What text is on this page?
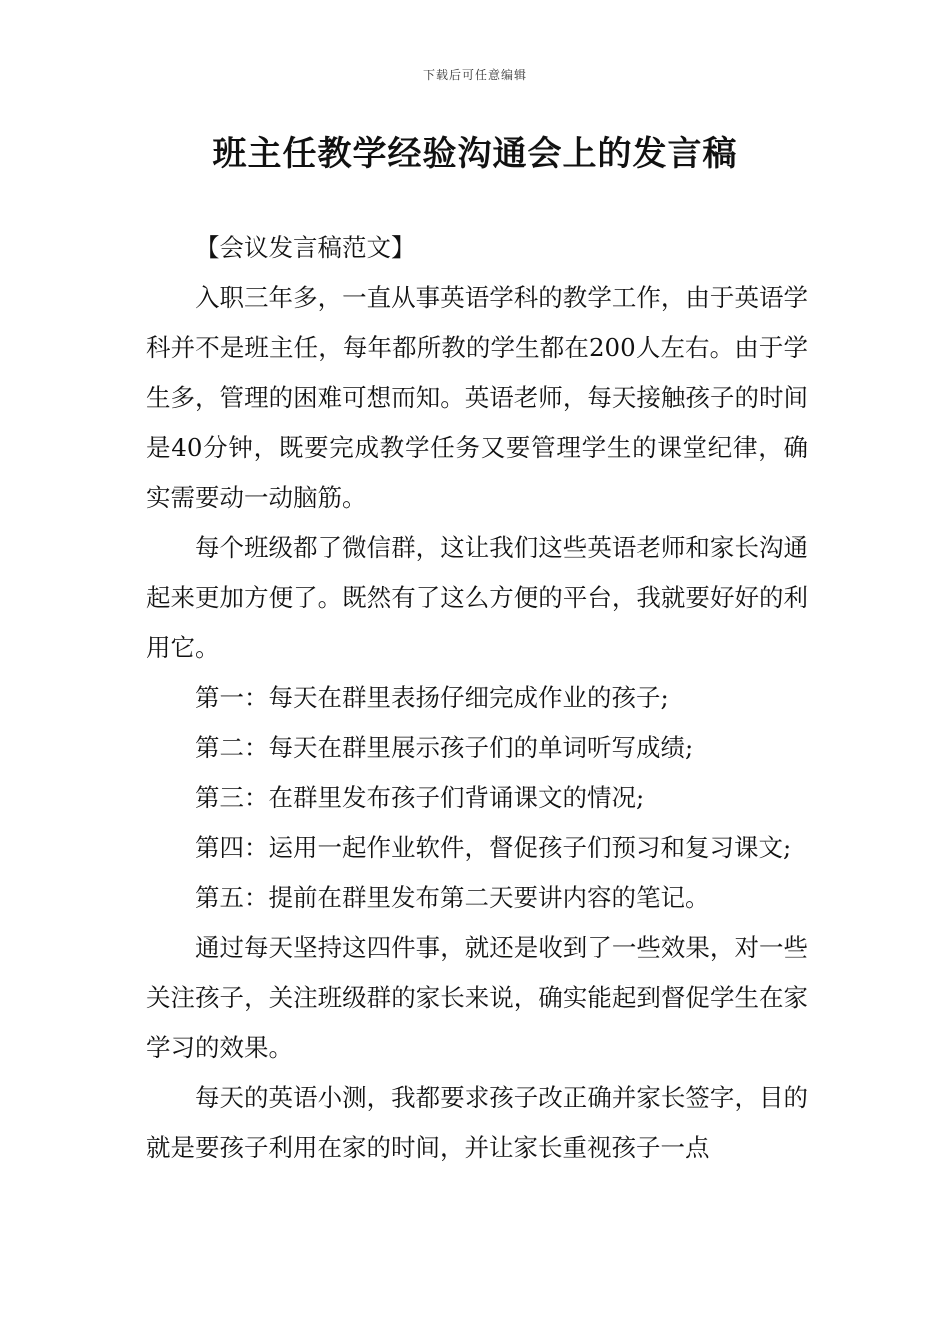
下载后可任意编辑
班主任教学经验沟通会上的发言稿

【会议发言稿范文】

入职三年多，一直从事英语学科的教学工作，由于英语学科并不是班主任，每年都所教的学生都在200人左右。由于学生多，管理的困难可想而知。英语老师，每天接触孩子的时间是40分钟，既要完成教学任务又要管理学生的课堂纪律，确实需要动一动脑筋。

每个班级都了微信群，这让我们这些英语老师和家长沟通起来更加方便了。既然有了这么方便的平台，我就要好好的利用它。

第一：每天在群里表扬仔细完成作业的孩子;

第二：每天在群里展示孩子们的单词听写成绩;

第三：在群里发布孩子们背诵课文的情况;

第四：运用一起作业软件，督促孩子们预习和复习课文;

第五：提前在群里发布第二天要讲内容的笔记。

通过每天坚持这四件事，就还是收到了一些效果，对一些关注孩子，关注班级群的家长来说，确实能起到督促学生在家学习的效果。

每天的英语小测，我都要求孩子改正确并家长签字，目的就是要孩子利用在家的时间，并让家长重视孩子一点
